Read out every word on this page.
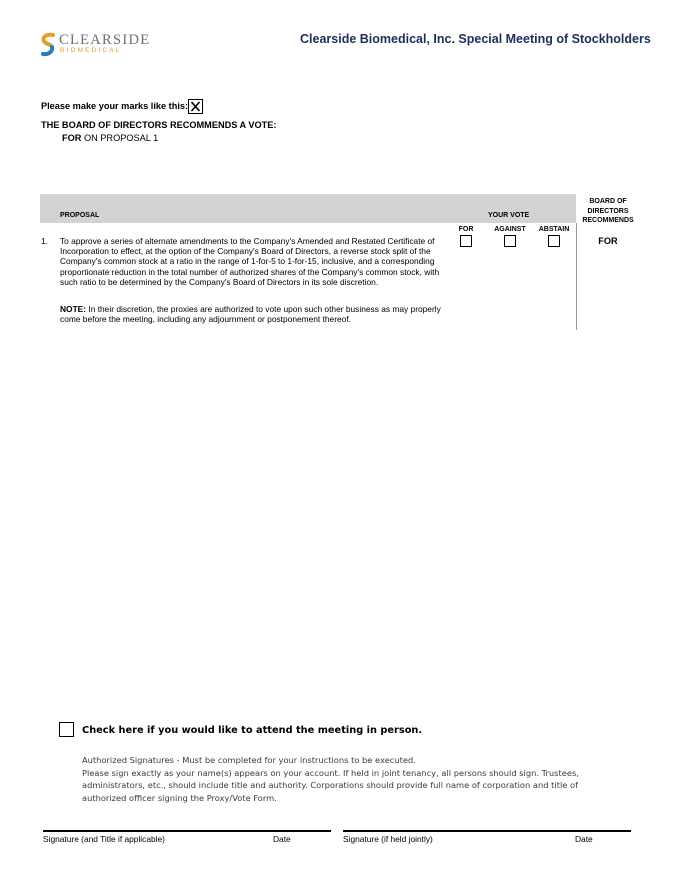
CLEARSIDE
BIOMEDICAL
Clearside Biomedical, Inc. Special Meeting of Stockholders
Please make your marks like this:
THE BOARD OF DIRECTORS RECOMMENDS A VOTE:
FOR ON PROPOSAL 1
PROPOSAL	YOUR VOTE
BOARD OF DIRECTORS RECOMMENDS
FOR	AGAINST	ABSTAIN
1. To approve a series of alternate amendments to the Company's Amended and Restated Certificate of Incorporation to effect, at the option of the Company's Board of Directors, a reverse stock split of the Company's common stock at a ratio in the range of 1-for-5 to 1-for-15, inclusive, and a corresponding proportionate reduction in the total number of authorized shares of the Company's common stock, with such ratio to be determined by the Company's Board of Directors in its sole discretion.
FOR
NOTE: In their discretion, the proxies are authorized to vote upon such other business as may properly come before the meeting, including any adjournment or postponement thereof.
Check here if you would like to attend the meeting in person.
Authorized Signatures - Must be completed for your instructions to be executed.
Please sign exactly as your name(s) appears on your account. If held in joint tenancy, all persons should sign. Trustees, administrators, etc., should include title and authority. Corporations should provide full name of corporation and title of authorized officer signing the Proxy/Vote Form.
Signature (and Title if applicable)	Date	Signature (if held jointly)	Date
